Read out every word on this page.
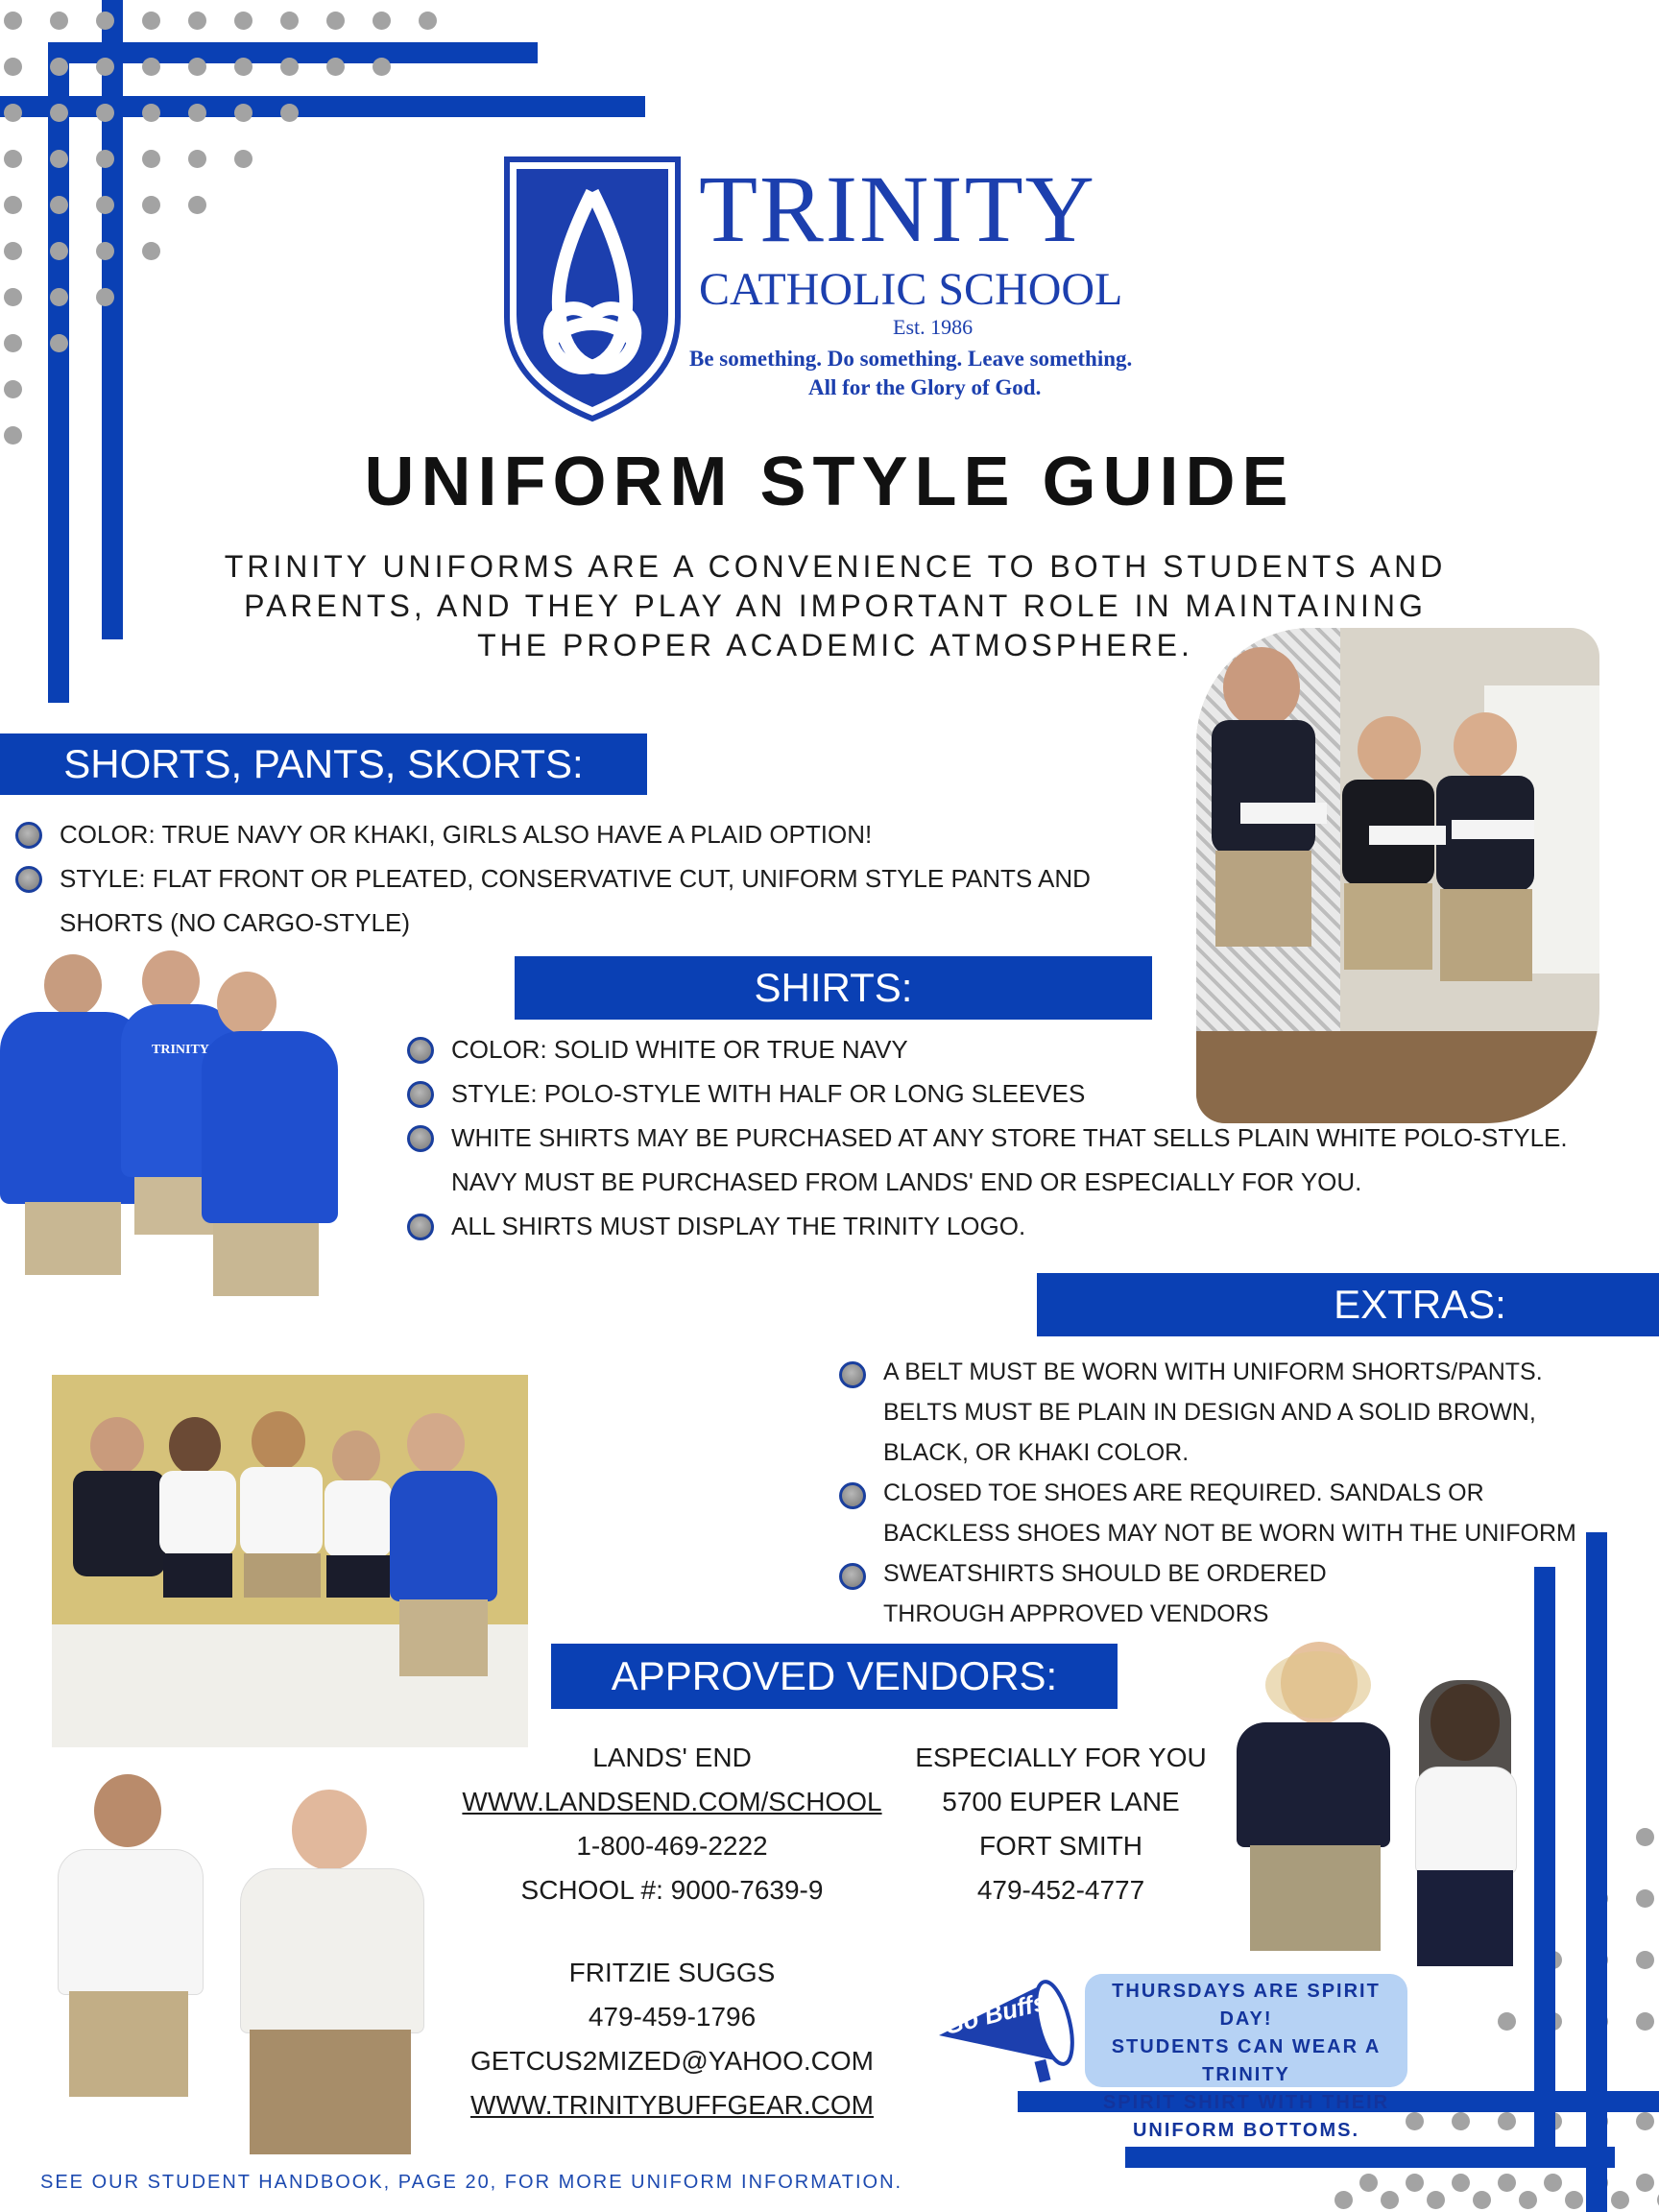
TRINITY
CATHOLIC SCHOOL
Est. 1986
Be something. Do something. Leave something.
All for the Glory of God.
UNIFORM STYLE GUIDE
TRINITY UNIFORMS ARE A CONVENIENCE TO BOTH STUDENTS AND PARENTS, AND THEY PLAY AN IMPORTANT ROLE IN MAINTAINING THE PROPER ACADEMIC ATMOSPHERE.
SHORTS, PANTS, SKORTS:
COLOR: TRUE NAVY OR KHAKI, GIRLS ALSO HAVE A PLAID OPTION!
STYLE: FLAT FRONT OR PLEATED, CONSERVATIVE CUT, UNIFORM STYLE PANTS AND SHORTS (NO CARGO-STYLE)
TRINITY
SHIRTS:
COLOR: SOLID WHITE OR TRUE NAVY
STYLE: POLO-STYLE WITH HALF OR LONG SLEEVES
WHITE SHIRTS MAY BE PURCHASED AT ANY STORE THAT SELLS PLAIN WHITE POLO-STYLE. NAVY MUST BE PURCHASED FROM LANDS' END OR ESPECIALLY FOR YOU.
ALL SHIRTS MUST DISPLAY THE TRINITY LOGO.
EXTRAS:
A BELT MUST BE WORN WITH UNIFORM SHORTS/PANTS. BELTS MUST BE PLAIN IN DESIGN AND A SOLID BROWN, BLACK, OR KHAKI COLOR.
CLOSED TOE SHOES ARE REQUIRED. SANDALS OR BACKLESS SHOES MAY NOT BE WORN WITH THE UNIFORM
SWEATSHIRTS SHOULD BE ORDERED THROUGH APPROVED VENDORS
APPROVED VENDORS:
LANDS' END
WWW.LANDSEND.COM/SCHOOL
1-800-469-2222
SCHOOL #: 9000-7639-9
FRITZIE SUGGS
479-459-1796
GETCUS2MIZED@YAHOO.COM
WWW.TRINITYBUFFGEAR.COM
ESPECIALLY FOR YOU
5700 EUPER LANE
FORT SMITH
479-452-4777
Go Buffs!	THURSDAYS ARE SPIRIT DAY!
STUDENTS CAN WEAR A TRINITY
SPIRIT SHIRT WITH THEIR
UNIFORM BOTTOMS.
SEE OUR STUDENT HANDBOOK, PAGE 20, FOR MORE UNIFORM INFORMATION.
